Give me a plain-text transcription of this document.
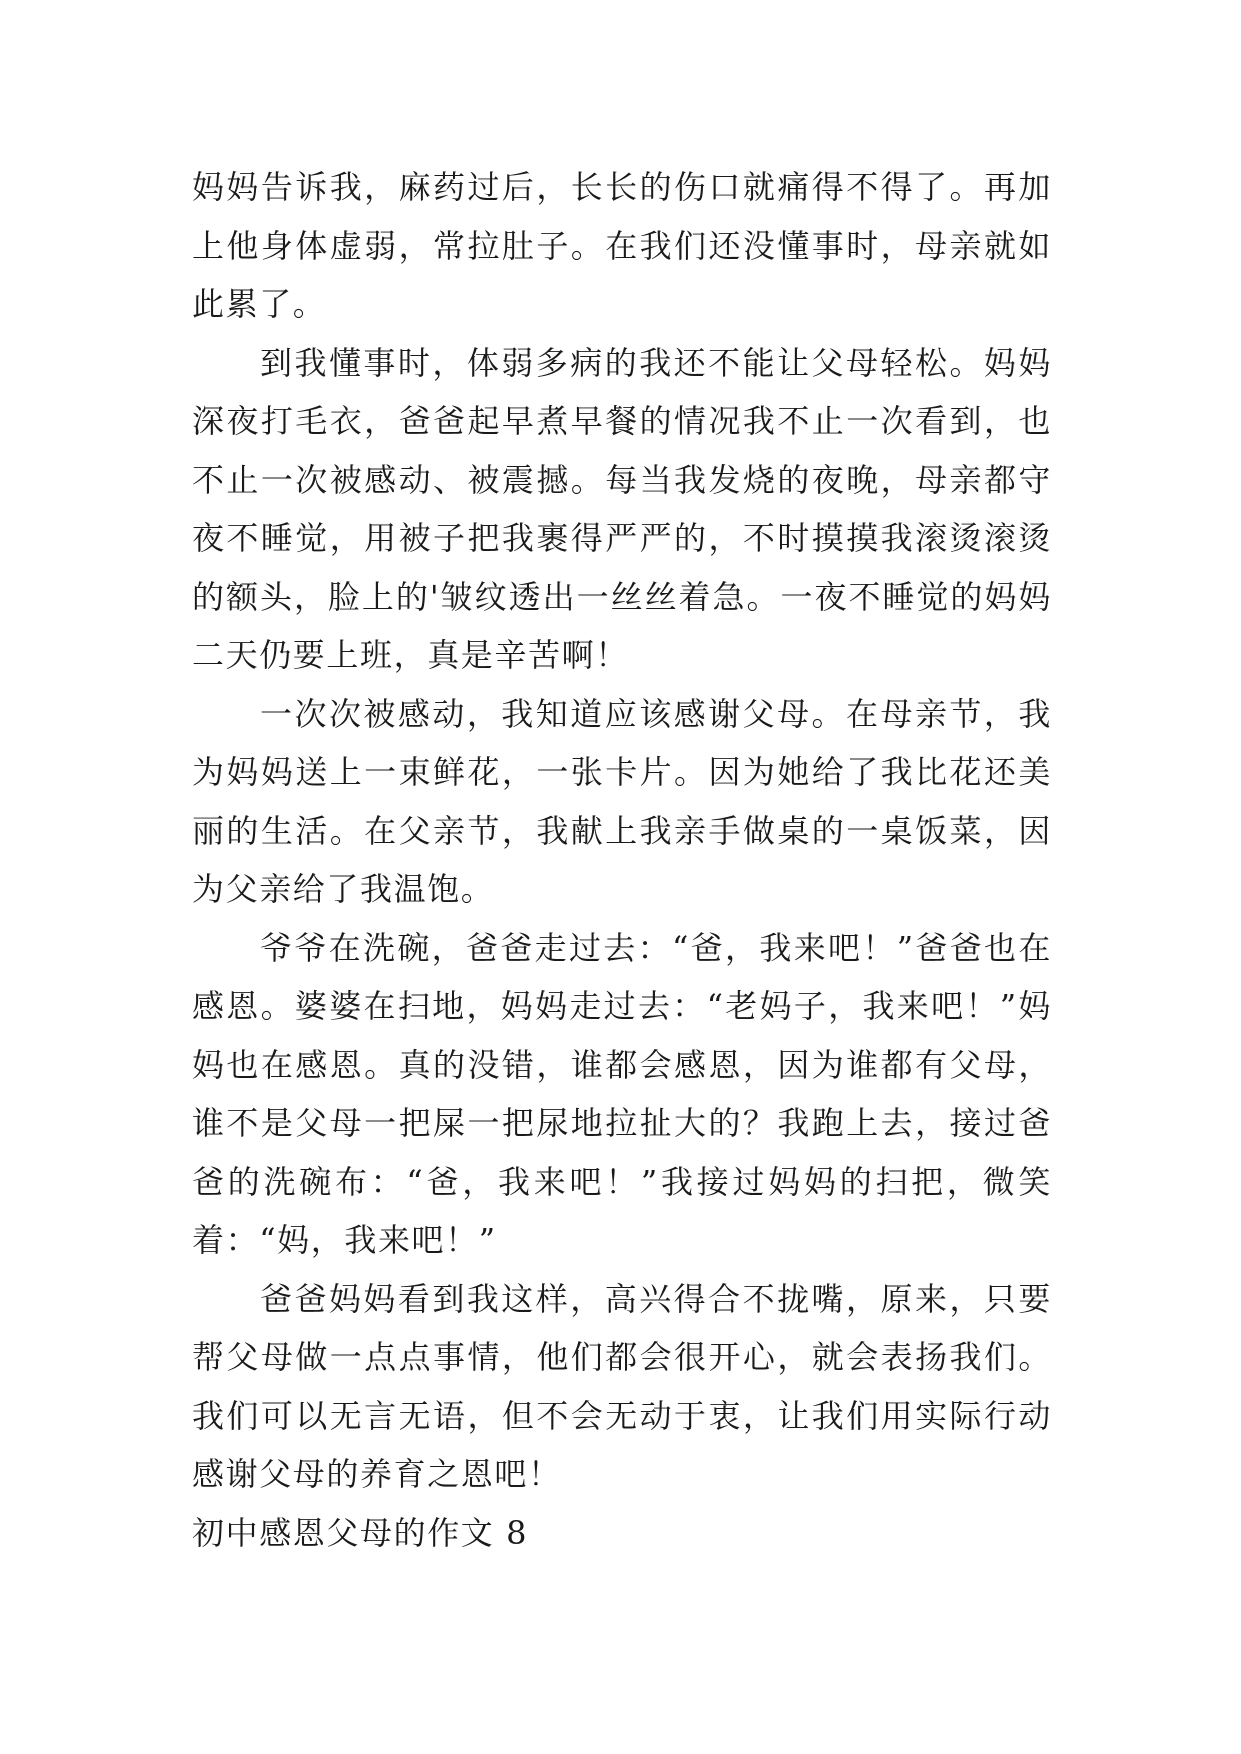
妈妈告诉我，麻药过后，长长的伤口就痛得不得了。再加上他身体虚弱，常拉肚子。在我们还没懂事时，母亲就如此累了。

到我懂事时，体弱多病的我还不能让父母轻松。妈妈深夜打毛衣，爸爸起早煮早餐的情况我不止一次看到，也不止一次被感动、被震撼。每当我发烧的夜晚，母亲都守夜不睡觉，用被子把我裹得严严的，不时摸摸我滚烫滚烫的额头，脸上的'皱纹透出一丝丝着急。一夜不睡觉的妈妈二天仍要上班，真是辛苦啊！

一次次被感动，我知道应该感谢父母。在母亲节，我为妈妈送上一束鲜花，一张卡片。因为她给了我比花还美丽的生活。在父亲节，我献上我亲手做桌的一桌饭菜，因为父亲给了我温饱。

爷爷在洗碗，爸爸走过去：“爸，我来吧！”爸爸也在感恩。婆婆在扫地，妈妈走过去：“老妈子，我来吧！”妈妈也在感恩。真的没错，谁都会感恩，因为谁都有父母，谁不是父母一把屎一把尿地拉扯大的？我跑上去，接过爸爸的洗碗布：“爸，我来吧！”我接过妈妈的扫把，微笑着：“妈，我来吧！”

爸爸妈妈看到我这样，高兴得合不拢嘴，原来，只要帮父母做一点点事情，他们都会很开心，就会表扬我们。我们可以无言无语，但不会无动于衷，让我们用实际行动感谢父母的养育之恩吧！

初中感恩父母的作文 8
